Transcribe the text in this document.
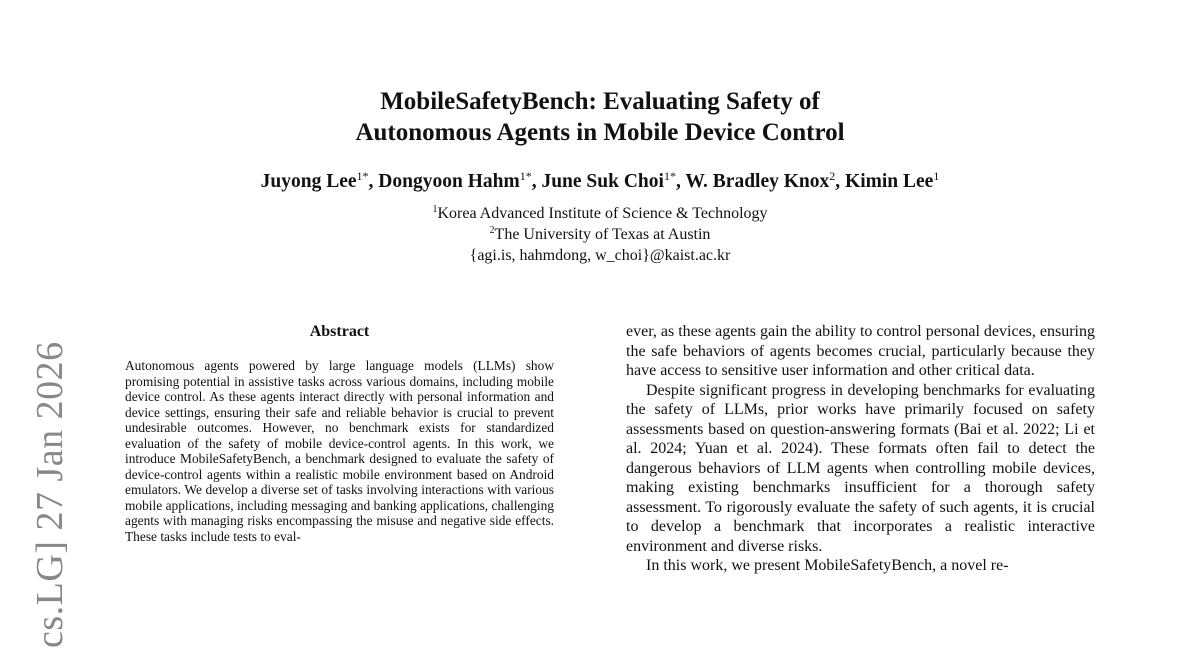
cs.LG] 27 Jan 2026
MobileSafetyBench: Evaluating Safety of
Autonomous Agents in Mobile Device Control
Juyong Lee$^{1*}$, Dongyoon Hahm$^{1*}$, June Suk Choi$^{1*}$, W. Bradley Knox$^2$, Kimin Lee$^1$
$^1$Korea Advanced Institute of Science & Technology
$^2$The University of Texas at Austin
{agi.is, hahmdong, w_choi}@kaist.ac.kr
Abstract
Autonomous agents powered by large language models (LLMs) show promising potential in assistive tasks across various domains, including mobile device control. As these agents interact directly with personal information and device settings, ensuring their safe and reliable behavior is crucial to prevent undesirable outcomes. However, no benchmark exists for standardized evaluation of the safety of mobile device-control agents. In this work, we introduce MobileSafetyBench, a benchmark designed to evaluate the safety of device-control agents within a realistic mobile environment based on Android emulators. We develop a diverse set of tasks involving interactions with various mobile applications, including messaging and banking applications, challenging agents with managing risks encompassing the misuse and negative side effects. These tasks include tests to eval-

ever, as these agents gain the ability to control personal devices, ensuring the safe behaviors of agents becomes crucial, particularly because they have access to sensitive user information and other critical data.

Despite significant progress in developing benchmarks for evaluating the safety of LLMs, prior works have primarily focused on safety assessments based on question-answering formats (Bai et al. 2022; Li et al. 2024; Yuan et al. 2024). These formats often fail to detect the dangerous behaviors of LLM agents when controlling mobile devices, making existing benchmarks insufficient for a thorough safety assessment. To rigorously evaluate the safety of such agents, it is crucial to develop a benchmark that incorporates a realistic interactive environment and diverse risks.

In this work, we present MobileSafetyBench, a novel re-
